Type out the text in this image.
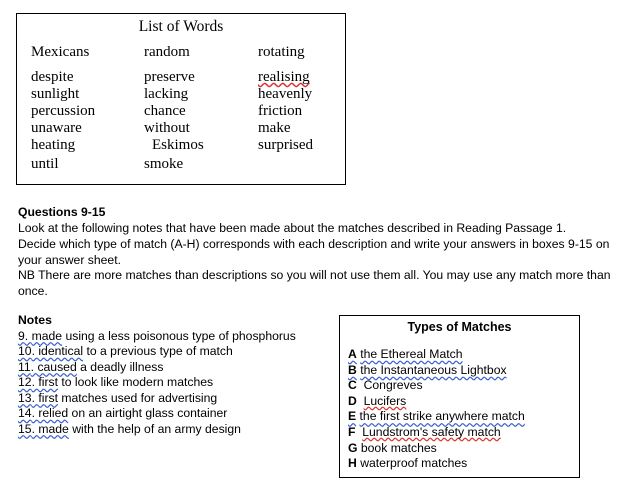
List of Words
Mexicans
despite
sunlight
percussion
unaware
heating
until
random
preserve
lacking
chance
without
Eskimos
smoke
rotating
realising
heavenly
friction
make
surprised
Questions 9-15
Look at the following notes that have been made about the matches described in Reading Passage 1.
Decide which type of match (A-H) corresponds with each description and write your answers in boxes 9-15 on your answer sheet.
NB There are more matches than descriptions so you will not use them all. You may use any match more than once.
Notes
9. made using a less poisonous type of phosphorus
10. identical to a previous type of match
11. caused a deadly illness
12. first to look like modern matches
13. first matches used for advertising
14. relied on an airtight glass container
15. made with the help of an army design
Types of Matches
A the Ethereal Match
B the Instantaneous Lightbox
C Congreves
D Lucifers
E the first strike anywhere match
F Lundstrom's safety match
G book matches
H waterproof matches
